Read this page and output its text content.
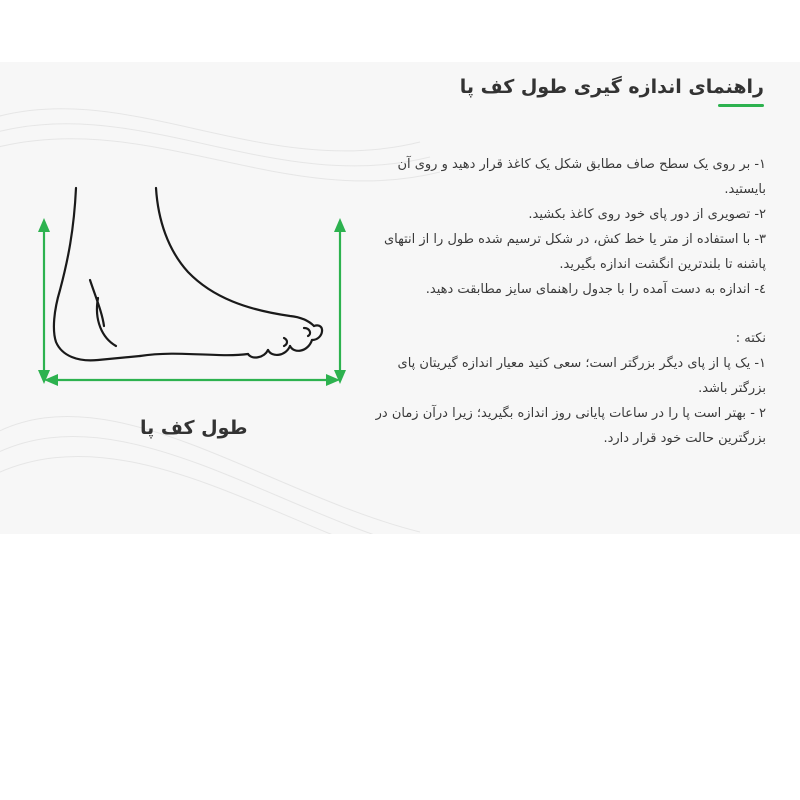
راهنمای اندازه گیری طول کف پا

۱- بر روی یک سطح صاف مطابق شکل یک کاغذ قرار دهید و روی آن بایستید.

۲- تصویری از دور پای خود روی کاغذ بکشید.

۳- با استفاده از متر یا خط کش، در شکل ترسیم شده طول را از انتهای پاشنه تا بلندترین انگشت اندازه بگیرید.

٤- اندازه به دست آمده را با جدول راهنمای سایز مطابقت دهید.

نکته :

۱- یک پا از پای دیگر بزرگتر است؛ سعی کنید معیار اندازه گیریتان پای بزرگتر باشد.

۲ - بهتر است پا را در ساعات پایانی روز اندازه بگیرید؛ زیرا درآن زمان در بزرگترین حالت خود قرار دارد.

طول کف پا
